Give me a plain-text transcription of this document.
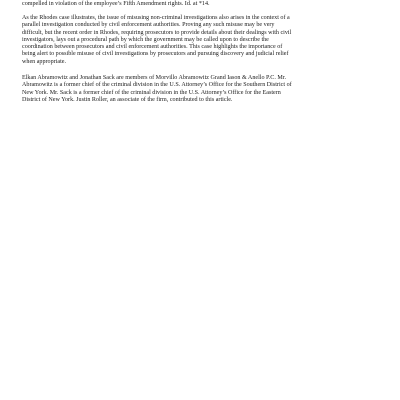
compelled in violation of the employee’s Fifth Amendment rights. Id. at *14.

As the Rhodes case illustrates, the issue of misusing non-criminal investigations also arises in the context of a
parallel investigation conducted by civil enforcement authorities. Proving any such misuse may be very
difficult, but the recent order in Rhodes, requiring prosecutors to provide details about their dealings with civil
investigators, lays out a procedural path by which the government may be called upon to describe the
coordination between prosecutors and civil enforcement authorities. This case highlights the importance of
being alert to possible misuse of civil investigations by prosecutors and pursuing discovery and judicial relief
when appropriate.

Elkan Abramowitz and Jonathan Sack are members of Morvillo Abramowitz Grand Iason & Anello P.C. Mr.
Abramowitz is a former chief of the criminal division in the U.S. Attorney’s Office for the Southern District of
New York. Mr. Sack is a former chief of the criminal division in the U.S. Attorney’s Office for the Eastern
District of New York. Justin Roller, an associate of the firm, contributed to this article.
